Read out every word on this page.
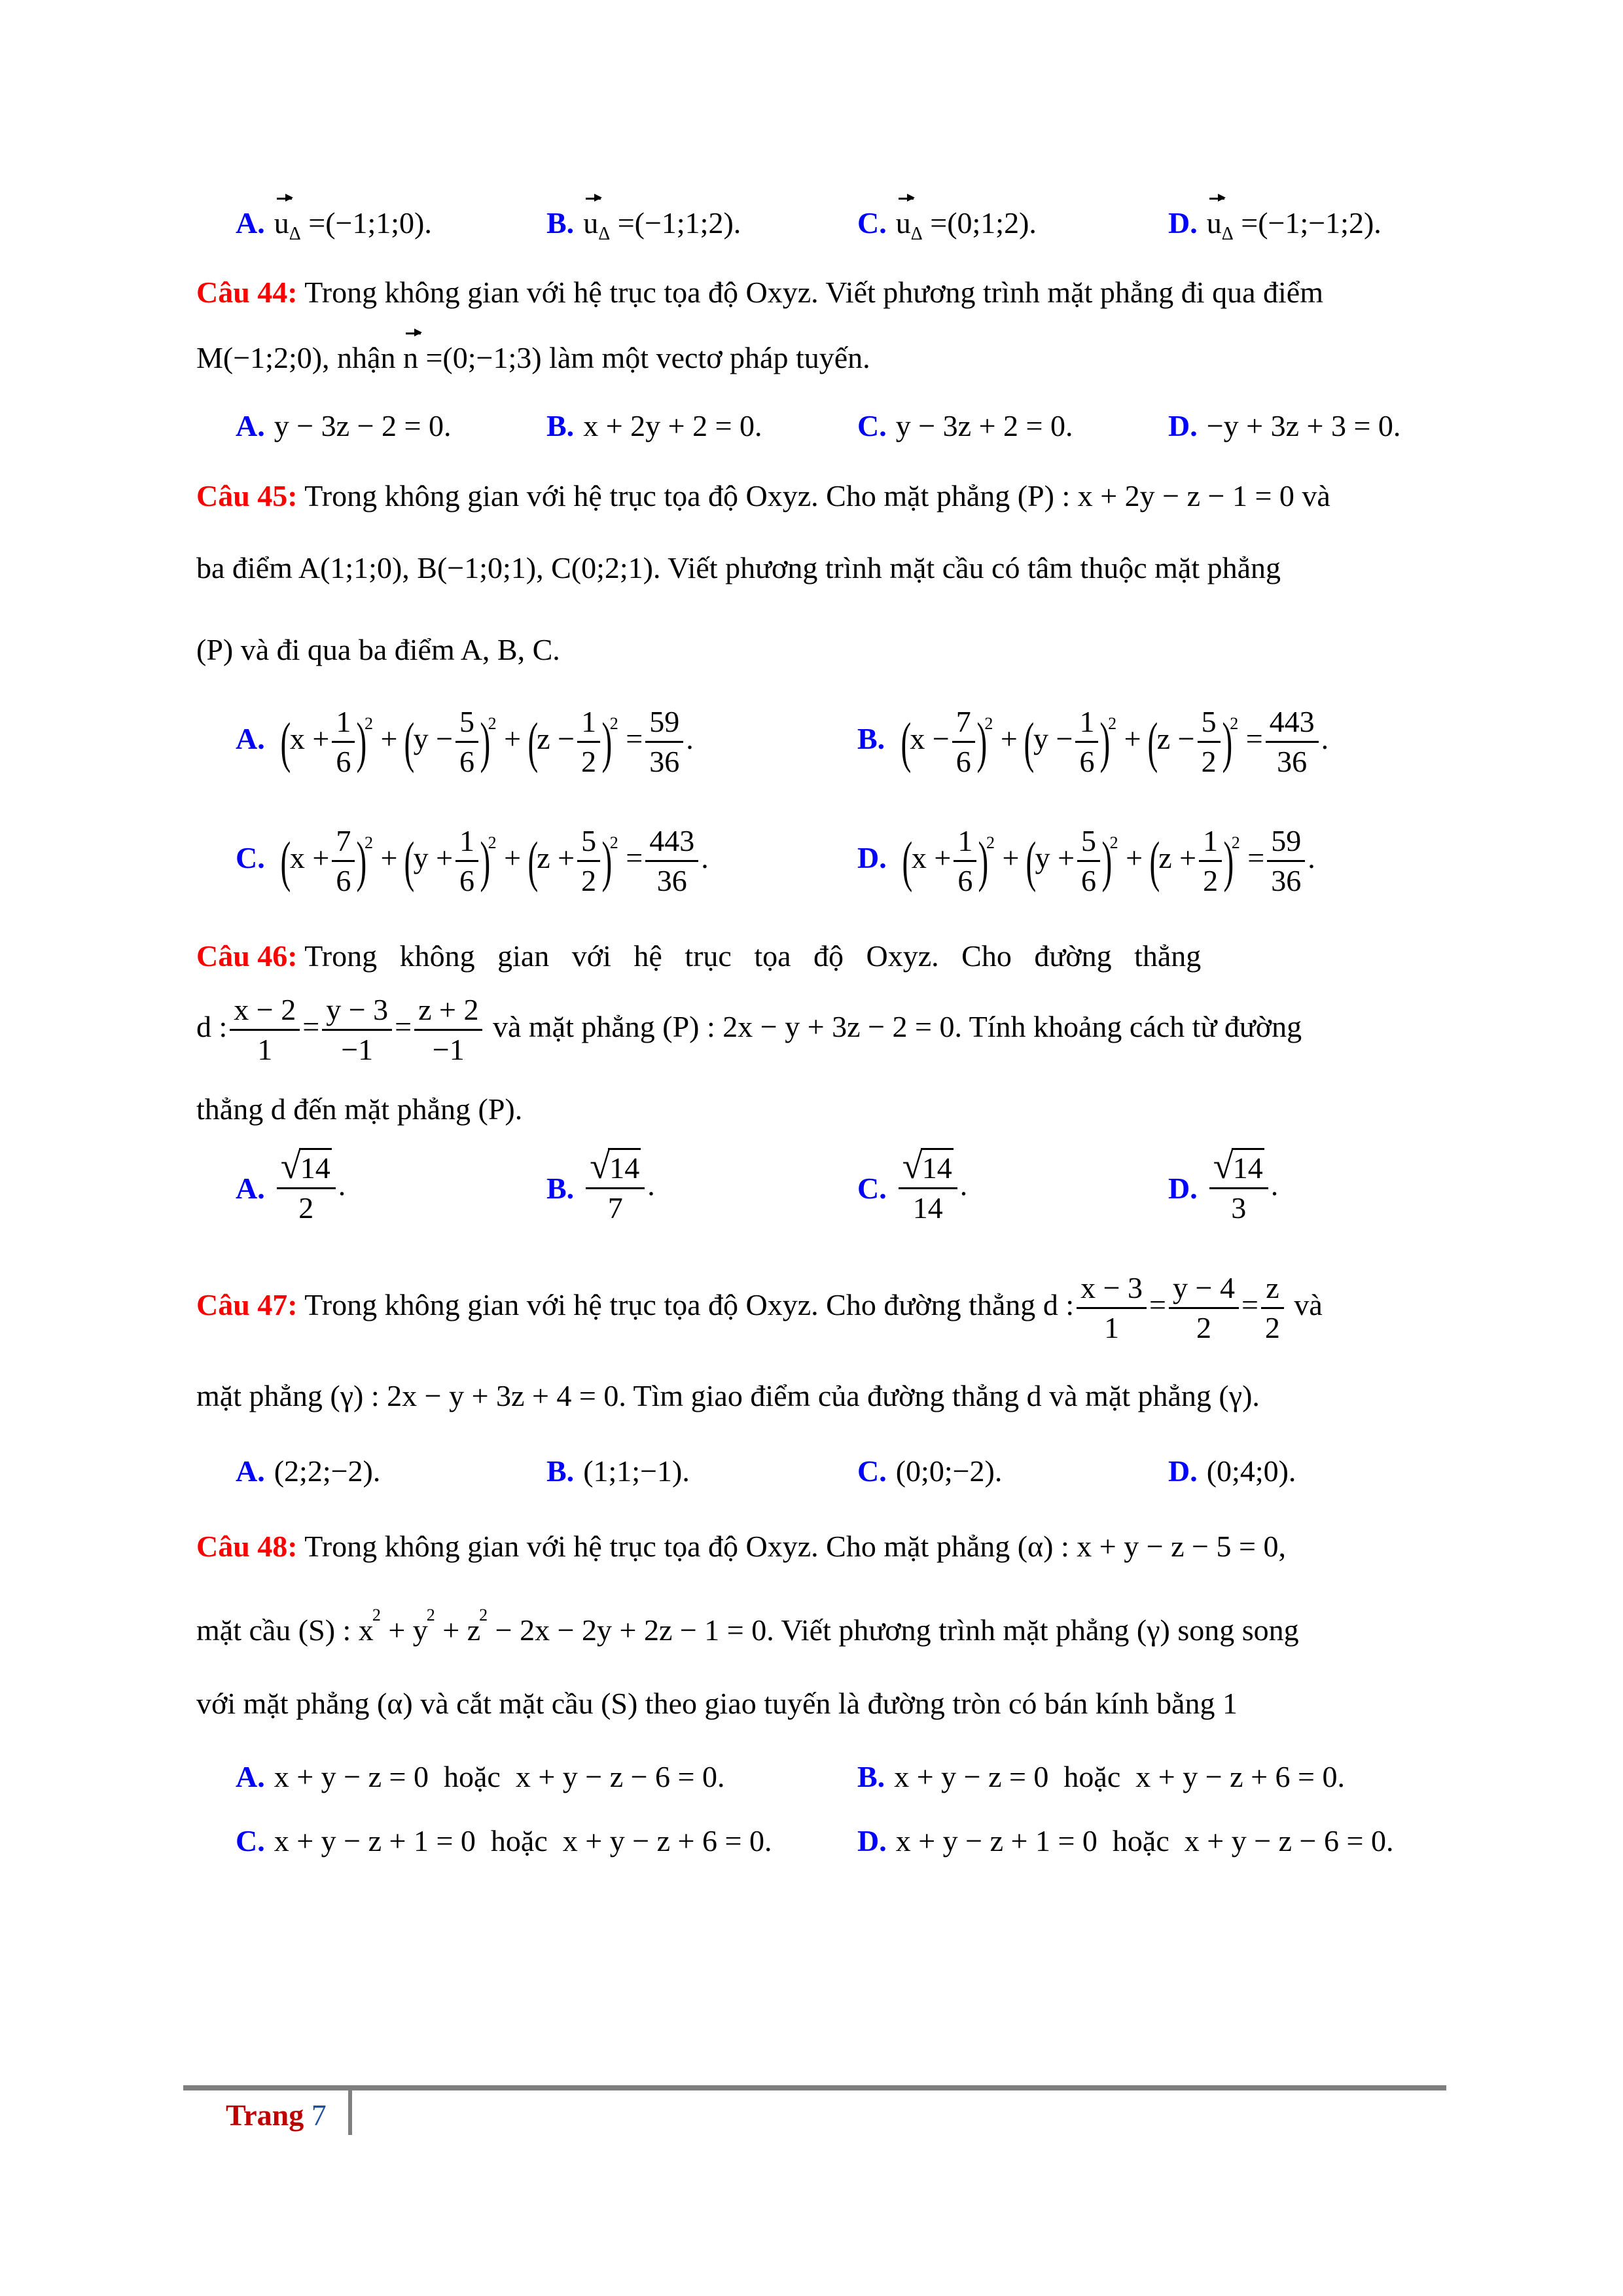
A. $u_\Delta$ =(−1;1;0).	B. $u_\Delta$ =(−1;1;2).	C. $u_\Delta$ =(0;1;2).	D. $u_\Delta$ =(−1;−1;2).
Câu 44: Trong không gian với hệ trục tọa độ Oxyz. Viết phương trình mặt phẳng đi qua điểm
M(−1;2;0), nhận n =(0;−1;3) làm một vectơ pháp tuyến.
A. y − 3z − 2 = 0.	B. x + 2y + 2 = 0.	C. y − 3z + 2 = 0.	D. −y + 3z + 3 = 0.
Câu 45: Trong không gian với hệ trục tọa độ Oxyz. Cho mặt phẳng (P) : x + 2y − z − 1 = 0 và
ba điểm A(1;1;0), B(−1;0;1), C(0;2;1). Viết phương trình mặt cầu có tâm thuộc mặt phẳng
(P) và đi qua ba điểm A, B, C.
A. $(x + \frac{1}{6} )^2 + (y - \frac{5}{6} )^2 + (z - \frac{1}{2} )^2 = \frac{59}{36}$ .	B. $(x - \frac{7}{6} )^2 + (y - \frac{1}{6} )^2 + (z - \frac{5}{2} )^2 = \frac{443}{36}$ .
C. $(x + \frac{7}{6} )^2 + (y + \frac{1}{6} )^2 + (z + \frac{5}{2} )^2 = \frac{443}{36}$ .	D. $(x + \frac{1}{6} )^2 + (y + \frac{5}{6} )^2 + (z + \frac{1}{2} )^2 = \frac{59}{36}$ .
Câu 46: Trong   không   gian   với   hệ   trục   tọa   độ   Oxyz.   Cho   đường   thẳng
d : $\frac{x - 2}{1} = \frac{y - 3}{-1} = \frac{z + 2}{-1}$ và mặt phẳng (P) : 2x − y + 3z − 2 = 0. Tính khoảng cách từ đường
thẳng d đến mặt phẳng (P).
A. $\frac{√ 14}{2}$ .	B. $\frac{√ 14}{7}$ .	C. $\frac{√ 14}{14}$ .	D. $\frac{√ 14}{3}$ .
Câu 47: Trong không gian với hệ trục tọa độ Oxyz. Cho đường thẳng d : $\frac{x - 3}{1} = \frac{y - 4}{2} = \frac{z}{2}$ và
mặt phẳng (γ) : 2x − y + 3z + 4 = 0. Tìm giao điểm của đường thẳng d và mặt phẳng (γ).
A. (2;2;−2).	B. (1;1;−1).	C. (0;0;−2).	D. (0;4;0).
Câu 48: Trong không gian với hệ trục tọa độ Oxyz. Cho mặt phẳng (α) : x + y − z − 5 = 0,
mặt cầu (S) : $x^2 + y^2 + z^2 - 2x - 2y + 2z - 1 = 0$. Viết phương trình mặt phẳng (γ) song song
với mặt phẳng (α) và cắt mặt cầu (S) theo giao tuyến là đường tròn có bán kính bằng 1
A. x + y − z = 0  hoặc  x + y − z − 6 = 0.	B. x + y − z = 0  hoặc  x + y − z + 6 = 0.
C. x + y − z + 1 = 0  hoặc  x + y − z + 6 = 0.	D. x + y − z + 1 = 0  hoặc  x + y − z − 6 = 0.
Trang 7
